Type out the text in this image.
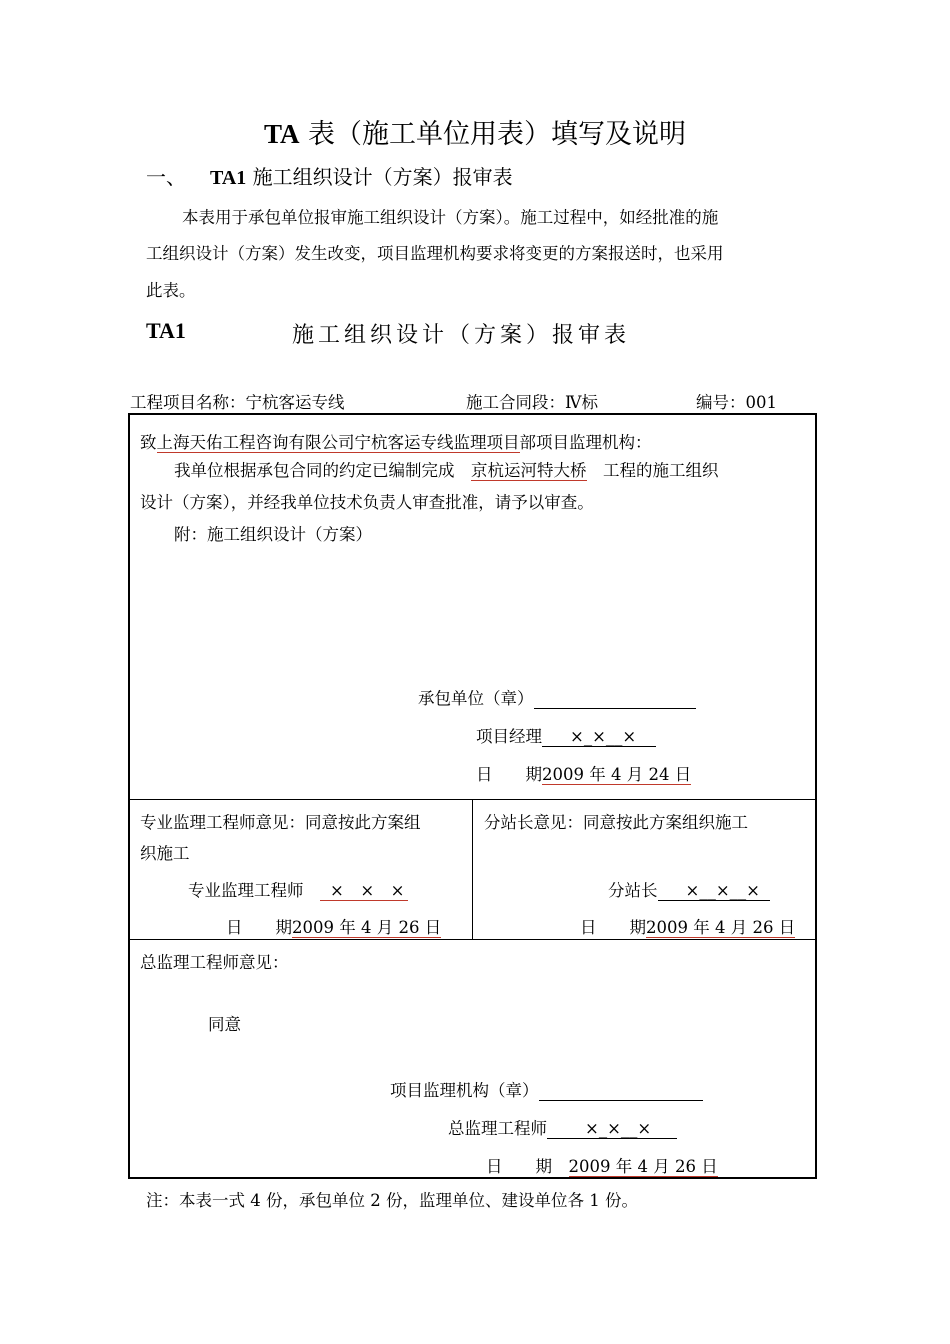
TA 表（施工单位用表）填写及说明
一、 TA1 施工组织设计（方案）报审表
本表用于承包单位报审施工组织设计（方案）。施工过程中，如经批准的施
工组织设计（方案）发生改变，项目监理机构要求将变更的方案报送时，也采用
此表。
TA1	施工组织设计（方案）报审表
工程项目名称：宁杭客运专线	施工合同段：Ⅳ标	编号：001
致上海天佑工程咨询有限公司宁杭客运专线监理项目部项目监理机构：
我单位根据承包合同的约定已编制完成　 京杭运河特大桥　 工程的施工组织
设计（方案），并经我单位技术负责人审查批准，请予以审查。
附：施工组织设计（方案）
承包单位（章）
项目经理 ×_×__×
日　　期2009 年 4 月 24 日
专业监理工程师意见：同意按此方案组
织施工
专业监理工程师　 ×　×　×
日　　期2009 年 4 月 26 日
分站长意见：同意按此方案组织施工
分站长 ×__×__×
日　　期2009 年 4 月 26 日
总监理工程师意见：
同意
项目监理机构（章）
总监理工程师 ×_×__×
日　　期　 2009 年 4 月 26 日
注：本表一式 4 份，承包单位 2 份，监理单位、建设单位各 1 份。
